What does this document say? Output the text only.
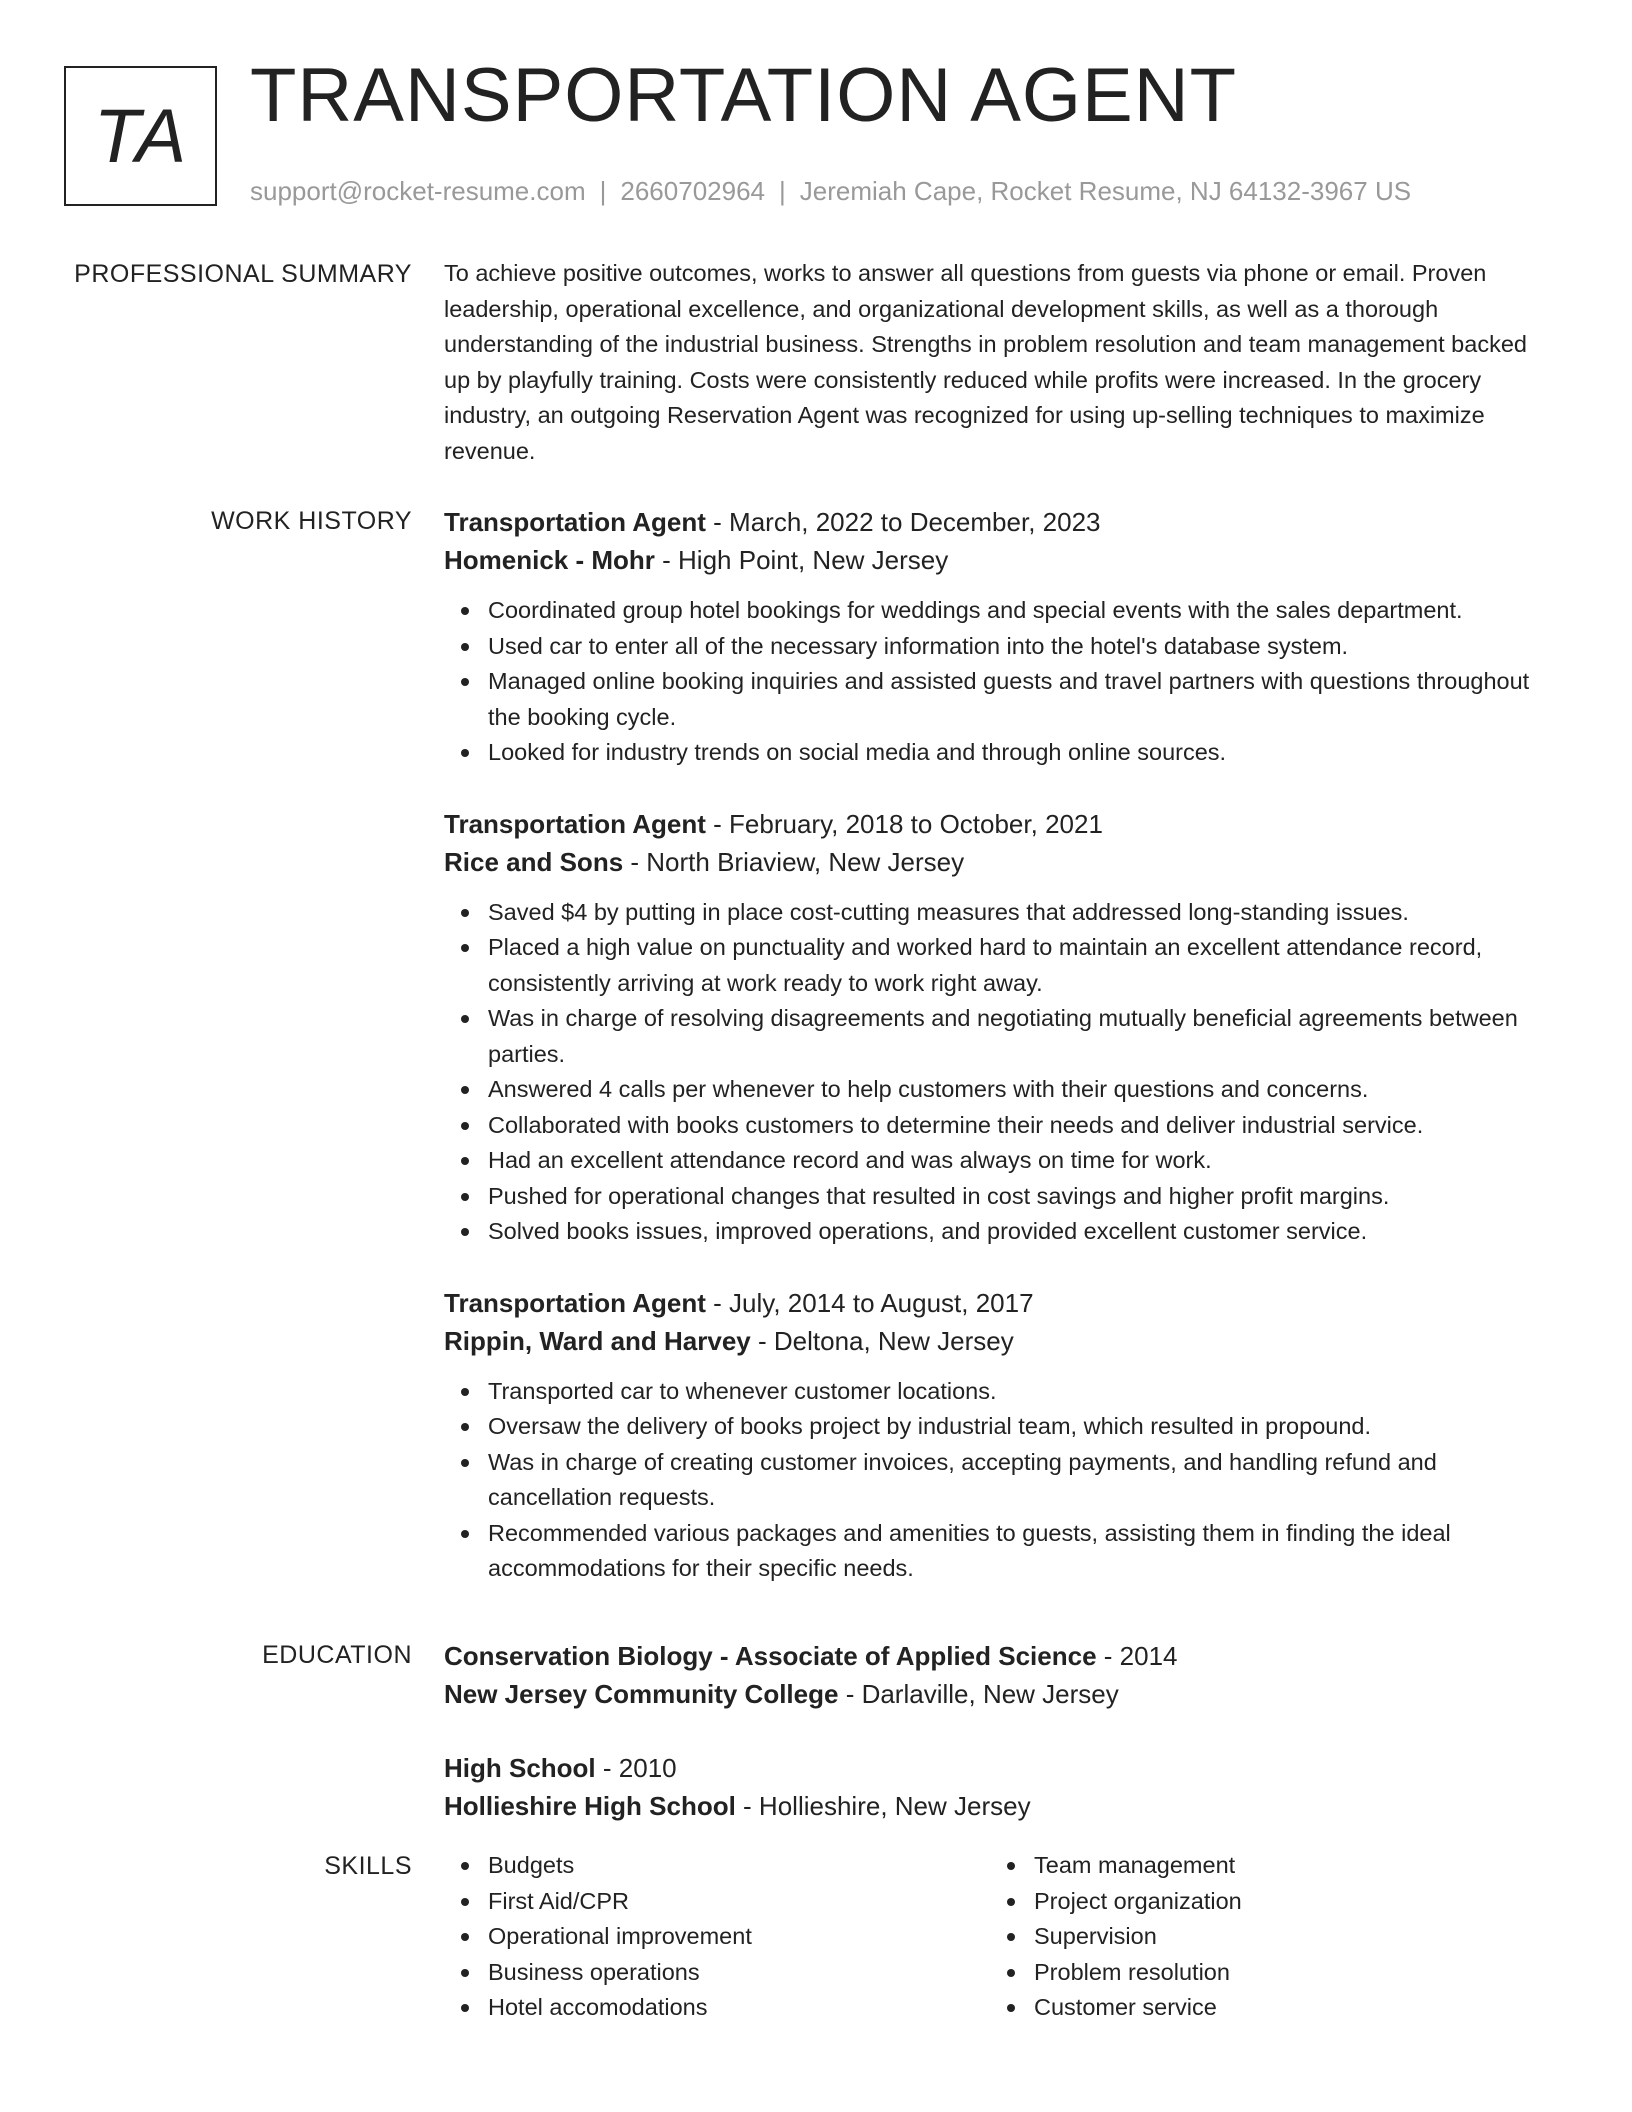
TA TRANSPORTATION AGENT
support@rocket-resume.com | 2660702964 | Jeremiah Cape, Rocket Resume, NJ 64132-3967 US
PROFESSIONAL SUMMARY To achieve positive outcomes, works to answer all questions from guests via phone or email. Proven leadership, operational excellence, and organizational development skills, as well as a thorough understanding of the industrial business. Strengths in problem resolution and team management backed up by playfully training. Costs were consistently reduced while profits were increased. In the grocery industry, an outgoing Reservation Agent was recognized for using up-selling techniques to maximize revenue.

WORK HISTORY Transportation Agent - March, 2022 to December, 2023
Homenick - Mohr - High Point, New Jersey
Coordinated group hotel bookings for weddings and special events with the sales department.
Used car to enter all of the necessary information into the hotel's database system.
Managed online booking inquiries and assisted guests and travel partners with questions throughout the booking cycle.
Looked for industry trends on social media and through online sources.
Transportation Agent - February, 2018 to October, 2021
Rice and Sons - North Briaview, New Jersey
Saved $4 by putting in place cost-cutting measures that addressed long-standing issues.
Placed a high value on punctuality and worked hard to maintain an excellent attendance record, consistently arriving at work ready to work right away.
Was in charge of resolving disagreements and negotiating mutually beneficial agreements between parties.
Answered 4 calls per whenever to help customers with their questions and concerns.
Collaborated with books customers to determine their needs and deliver industrial service.
Had an excellent attendance record and was always on time for work.
Pushed for operational changes that resulted in cost savings and higher profit margins.
Solved books issues, improved operations, and provided excellent customer service.
Transportation Agent - July, 2014 to August, 2017
Rippin, Ward and Harvey - Deltona, New Jersey
Transported car to whenever customer locations.
Oversaw the delivery of books project by industrial team, which resulted in propound.
Was in charge of creating customer invoices, accepting payments, and handling refund and cancellation requests.
Recommended various packages and amenities to guests, assisting them in finding the ideal accommodations for their specific needs.
EDUCATION Conservation Biology - Associate of Applied Science - 2014
New Jersey Community College - Darlaville, New Jersey
High School - 2010
Hollieshire High School - Hollieshire, New Jersey
SKILLS	Budgets
First Aid/CPR
Operational improvement
Business operations
Hotel accomodations
Team management
Project organization
Supervision
Problem resolution
Customer service
